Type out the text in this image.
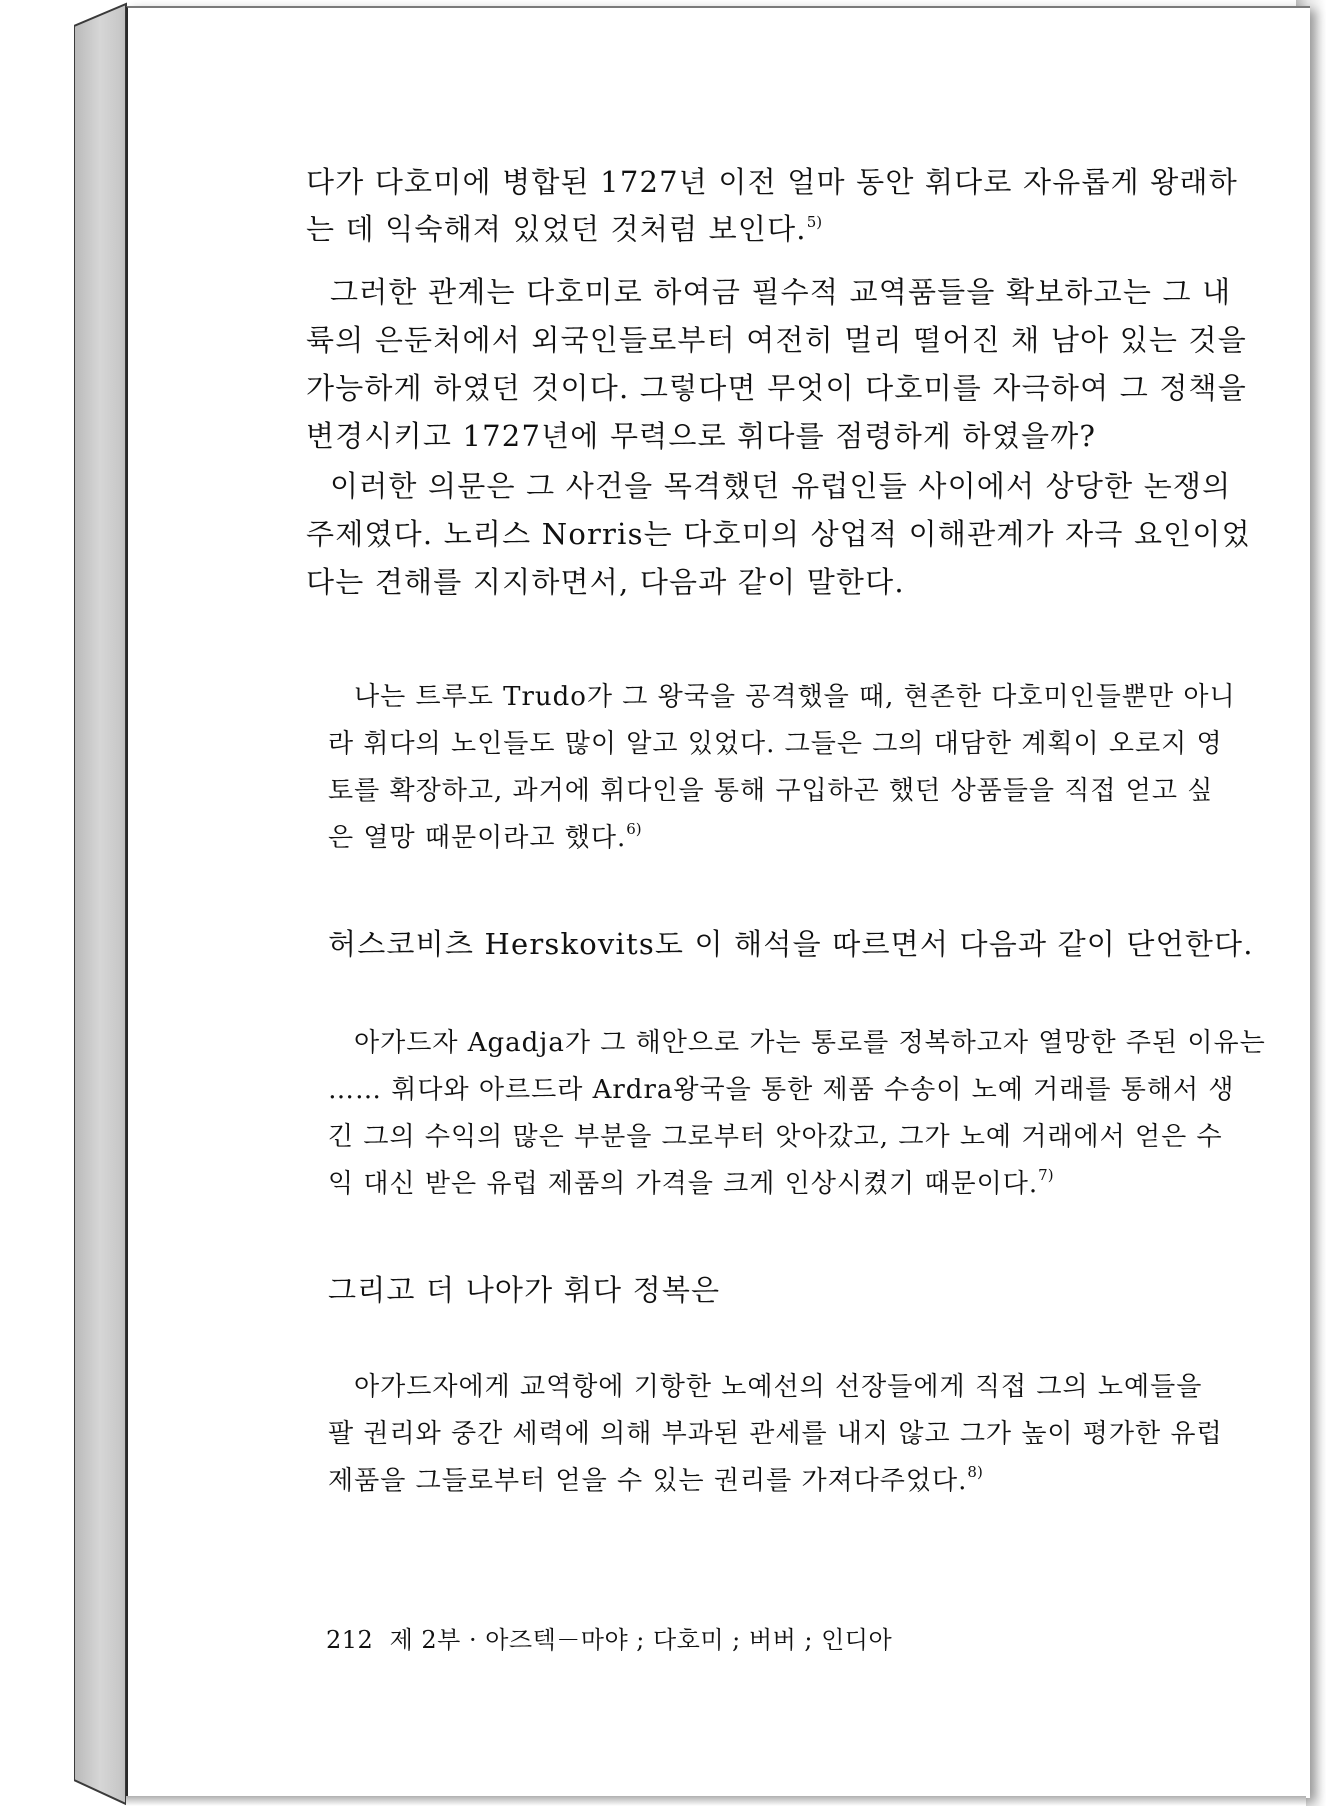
다가 다호미에 병합된 1727년 이전 얼마 동안 휘다로 자유롭게 왕래하
는 데 익숙해져 있었던 것처럼 보인다.$^{5)}$
그러한 관계는 다호미로 하여금 필수적 교역품들을 확보하고는 그 내
륙의 은둔처에서 외국인들로부터 여전히 멀리 떨어진 채 남아 있는 것을
가능하게 하였던 것이다. 그렇다면 무엇이 다호미를 자극하여 그 정책을
변경시키고 1727년에 무력으로 휘다를 점령하게 하였을까?
이러한 의문은 그 사건을 목격했던 유럽인들 사이에서 상당한 논쟁의
주제였다. 노리스 Norris는 다호미의 상업적 이해관계가 자극 요인이었
다는 견해를 지지하면서, 다음과 같이 말한다.
나는 트루도 Trudo가 그 왕국을 공격했을 때, 현존한 다호미인들뿐만 아니
라 휘다의 노인들도 많이 알고 있었다. 그들은 그의 대담한 계획이 오로지 영
토를 확장하고, 과거에 휘다인을 통해 구입하곤 했던 상품들을 직접 얻고 싶
은 열망 때문이라고 했다.$^{6)}$
허스코비츠 Herskovits도 이 해석을 따르면서 다음과 같이 단언한다.
아가드자 Agadja가 그 해안으로 가는 통로를 정복하고자 열망한 주된 이유는
…… 휘다와 아르드라 Ardra왕국을 통한 제품 수송이 노예 거래를 통해서 생
긴 그의 수익의 많은 부분을 그로부터 앗아갔고, 그가 노예 거래에서 얻은 수
익 대신 받은 유럽 제품의 가격을 크게 인상시켰기 때문이다.$^{7)}$
그리고 더 나아가 휘다 정복은
아가드자에게 교역항에 기항한 노예선의 선장들에게 직접 그의 노예들을
팔 권리와 중간 세력에 의해 부과된 관세를 내지 않고 그가 높이 평가한 유럽
제품을 그들로부터 얻을 수 있는 권리를 가져다주었다.$^{8)}$
212 제 2부 · 아즈텍－마야 ; 다호미 ; 버버 ; 인디아
